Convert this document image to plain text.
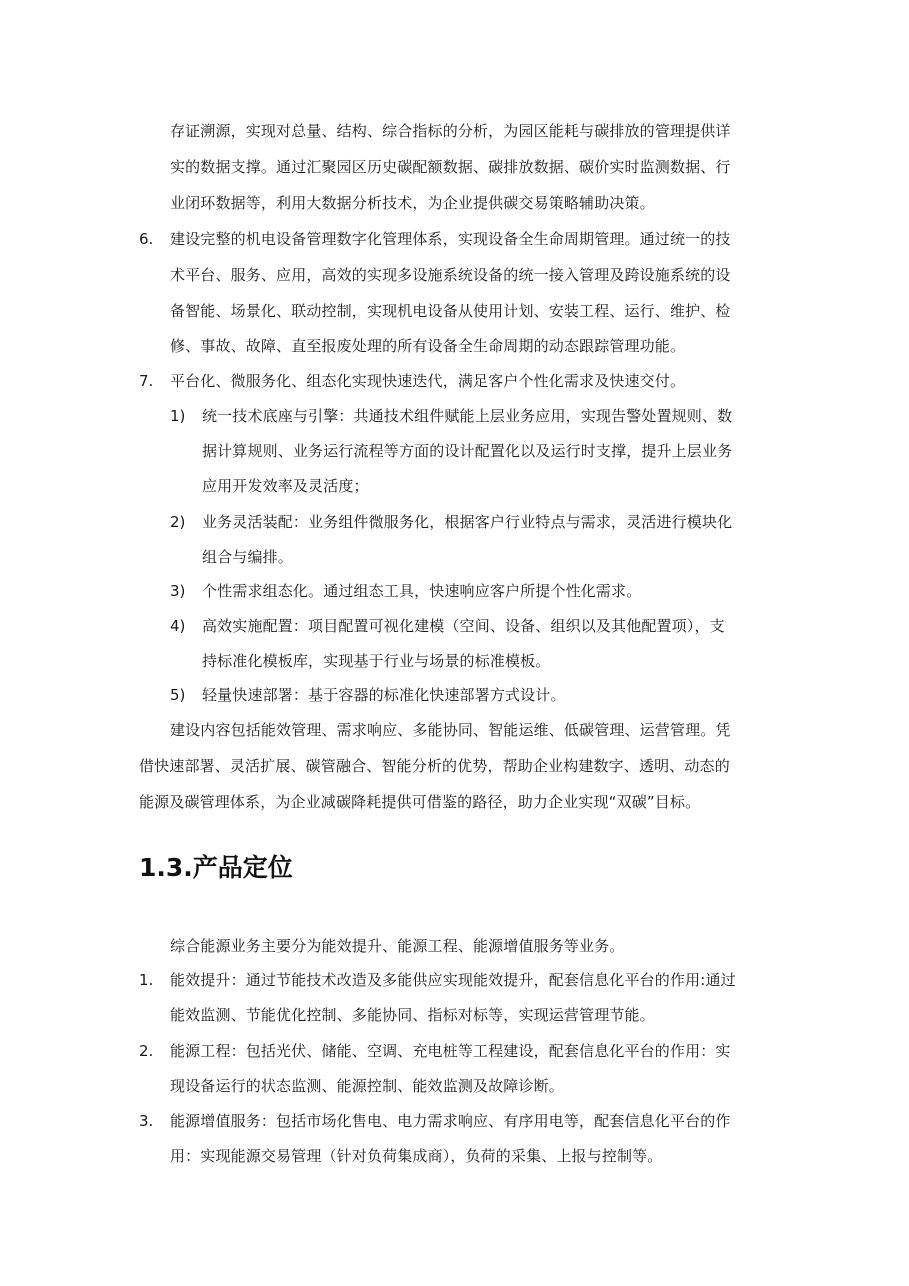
存证溯源，实现对总量、结构、综合指标的分析，为园区能耗与碳排放的管理提供详
实的数据支撑。通过汇聚园区历史碳配额数据、碳排放数据、碳价实时监测数据、行
业闭环数据等，利用大数据分析技术，为企业提供碳交易策略辅助决策。
6. 建设完整的机电设备管理数字化管理体系，实现设备全生命周期管理。通过统一的技
术平台、服务、应用，高效的实现多设施系统设备的统一接入管理及跨设施系统的设
备智能、场景化、联动控制，实现机电设备从使用计划、安装工程、运行、维护、检
修、事故、故障、直至报废处理的所有设备全生命周期的动态跟踪管理功能。
7. 平台化、微服务化、组态化实现快速迭代，满足客户个性化需求及快速交付。
1) 统一技术底座与引擎：共通技术组件赋能上层业务应用，实现告警处置规则、数
据计算规则、业务运行流程等方面的设计配置化以及运行时支撑，提升上层业务
应用开发效率及灵活度；
2) 业务灵活装配：业务组件微服务化，根据客户行业特点与需求，灵活进行模块化
组合与编排。
3) 个性需求组态化。通过组态工具，快速响应客户所提个性化需求。
4) 高效实施配置：项目配置可视化建模（空间、设备、组织以及其他配置项），支
持标准化模板库，实现基于行业与场景的标准模板。
5) 轻量快速部署：基于容器的标准化快速部署方式设计。
建设内容包括能效管理、需求响应、多能协同、智能运维、低碳管理、运营管理。凭
借快速部署、灵活扩展、碳管融合、智能分析的优势，帮助企业构建数字、透明、动态的
能源及碳管理体系，为企业减碳降耗提供可借鉴的路径，助力企业实现“双碳”目标。
1.3.产品定位
综合能源业务主要分为能效提升、能源工程、能源增值服务等业务。
1. 能效提升：通过节能技术改造及多能供应实现能效提升，配套信息化平台的作用:通过
能效监测、节能优化控制、多能协同、指标对标等，实现运营管理节能。
2. 能源工程：包括光伏、储能、空调、充电桩等工程建设，配套信息化平台的作用：实
现设备运行的状态监测、能源控制、能效监测及故障诊断。
3. 能源增值服务：包括市场化售电、电力需求响应、有序用电等，配套信息化平台的作
用：实现能源交易管理（针对负荷集成商），负荷的采集、上报与控制等。
